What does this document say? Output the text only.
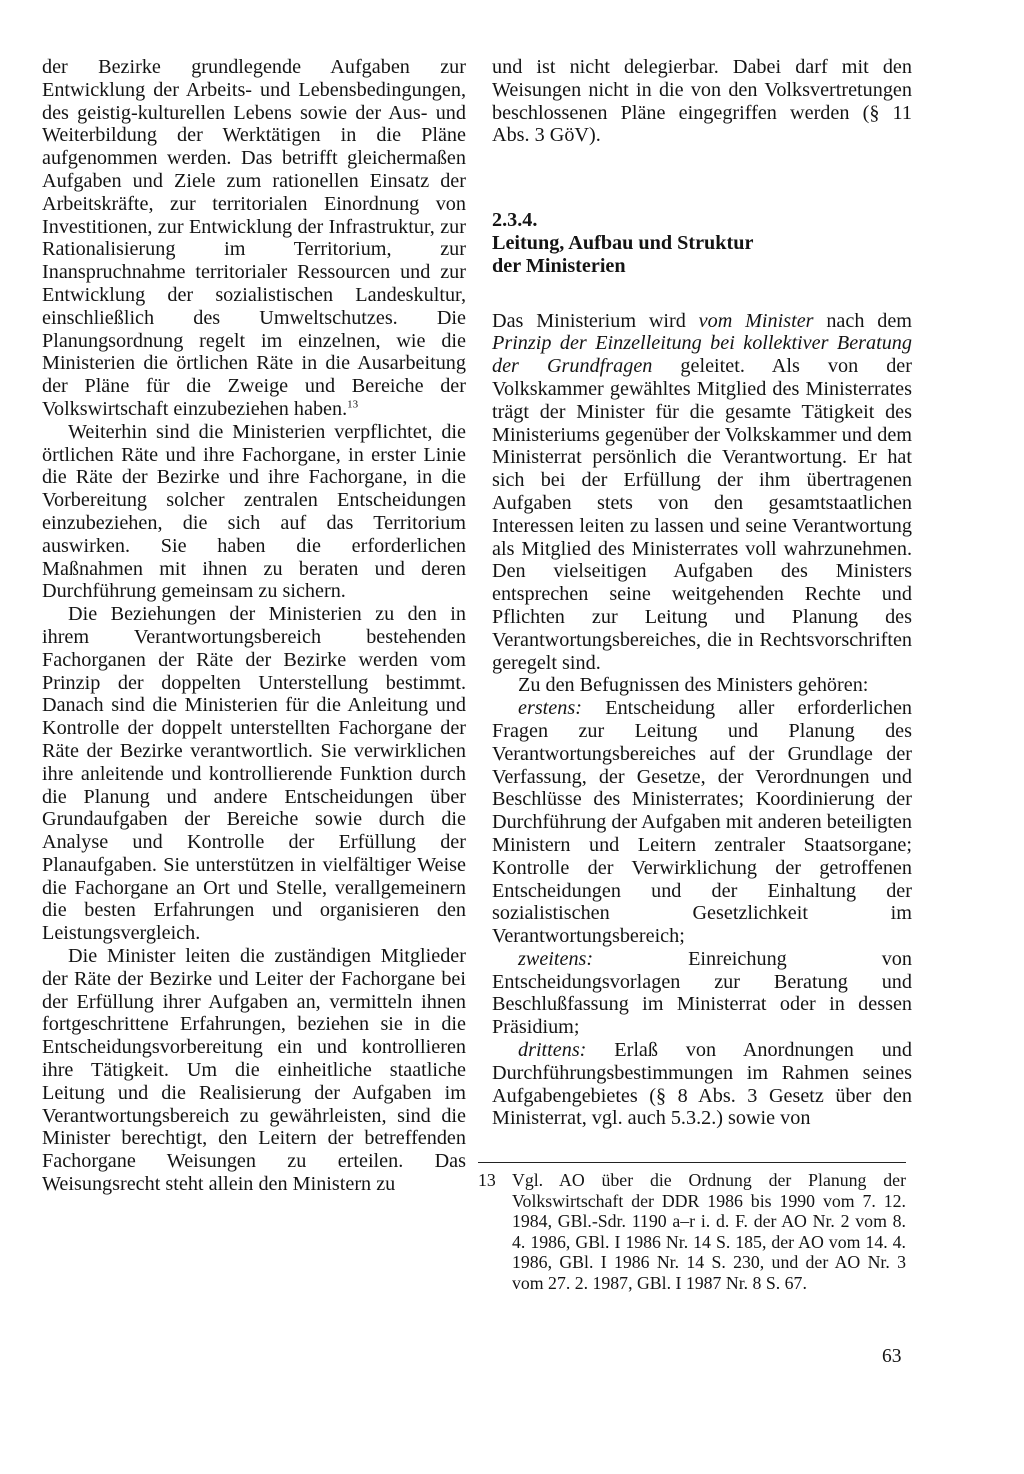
der Bezirke grundlegende Aufgaben zur Entwicklung der Arbeits- und Lebensbedingungen, des geistig-kulturellen Lebens sowie der Aus- und Weiterbildung der Werktätigen in die Pläne aufgenommen werden. Das betrifft gleichermaßen Aufgaben und Ziele zum rationellen Einsatz der Arbeitskräfte, zur territorialen Einordnung von Investitionen, zur Entwicklung der Infrastruktur, zur Rationalisierung im Territorium, zur Inanspruchnahme territorialer Ressourcen und zur Entwicklung der sozialistischen Landeskultur, einschließlich des Umweltschutzes. Die Planungsordnung regelt im einzelnen, wie die Ministerien die örtlichen Räte in die Ausarbeitung der Pläne für die Zweige und Bereiche der Volkswirtschaft einzubeziehen haben.$^{13}$

Weiterhin sind die Ministerien verpflichtet, die örtlichen Räte und ihre Fachorgane, in erster Linie die Räte der Bezirke und ihre Fachorgane, in die Vorbereitung solcher zentralen Entscheidungen einzubeziehen, die sich auf das Territorium auswirken. Sie haben die erforderlichen Maßnahmen mit ihnen zu beraten und deren Durchführung gemeinsam zu sichern.

Die Beziehungen der Ministerien zu den in ihrem Verantwortungsbereich bestehenden Fachorganen der Räte der Bezirke werden vom Prinzip der doppelten Unterstellung bestimmt. Danach sind die Ministerien für die Anleitung und Kontrolle der doppelt unterstellten Fachorgane der Räte der Bezirke verantwortlich. Sie verwirklichen ihre anleitende und kontrollierende Funktion durch die Planung und andere Entscheidungen über Grundaufgaben der Bereiche sowie durch die Analyse und Kontrolle der Erfüllung der Planaufgaben. Sie unterstützen in vielfältiger Weise die Fachorgane an Ort und Stelle, verallgemeinern die besten Erfahrungen und organisieren den Leistungsvergleich.

Die Minister leiten die zuständigen Mitglieder der Räte der Bezirke und Leiter der Fachorgane bei der Erfüllung ihrer Aufgaben an, vermitteln ihnen fortgeschrittene Erfahrungen, beziehen sie in die Entscheidungsvorbereitung ein und kontrollieren ihre Tätigkeit. Um die einheitliche staatliche Leitung und die Realisierung der Aufgaben im Verantwortungsbereich zu gewährleisten, sind die Minister berechtigt, den Leitern der betreffenden Fachorgane Weisungen zu erteilen. Das Weisungsrecht steht allein den Ministern zu

und ist nicht delegierbar. Dabei darf mit den Weisungen nicht in die von den Volksvertretungen beschlossenen Pläne eingegriffen werden (§ 11 Abs. 3 GöV).

2.3.4.
Leitung, Aufbau und Struktur
der Ministerien

Das Ministerium wird vom Minister nach dem Prinzip der Einzelleitung bei kollektiver Beratung der Grundfragen geleitet. Als von der Volkskammer gewähltes Mitglied des Ministerrates trägt der Minister für die gesamte Tätigkeit des Ministeriums gegenüber der Volkskammer und dem Ministerrat persönlich die Verantwortung. Er hat sich bei der Erfüllung der ihm übertragenen Aufgaben stets von den gesamtstaatlichen Interessen leiten zu lassen und seine Verantwortung als Mitglied des Ministerrates voll wahrzunehmen. Den vielseitigen Aufgaben des Ministers entsprechen seine weitgehenden Rechte und Pflichten zur Leitung und Planung des Verantwortungsbereiches, die in Rechtsvorschriften geregelt sind.

Zu den Befugnissen des Ministers gehören:

erstens: Entscheidung aller erforderlichen Fragen zur Leitung und Planung des Verantwortungsbereiches auf der Grundlage der Verfassung, der Gesetze, der Verordnungen und Beschlüsse des Ministerrates; Koordinierung der Durchführung der Aufgaben mit anderen beteiligten Ministern und Leitern zentraler Staatsorgane; Kontrolle der Verwirklichung der getroffenen Entscheidungen und der Einhaltung der sozialistischen Gesetzlichkeit im Verantwortungsbereich;

zweitens: Einreichung von Entscheidungsvorlagen zur Beratung und Beschlußfassung im Ministerrat oder in dessen Präsidium;

drittens: Erlaß von Anordnungen und Durchführungsbestimmungen im Rahmen seines Aufgabengebietes (§ 8 Abs. 3 Gesetz über den Ministerrat, vgl. auch 5.3.2.) sowie von

13 Vgl. AO über die Ordnung der Planung der Volkswirtschaft der DDR 1986 bis 1990 vom 7. 12. 1984, GBl.-Sdr. 1190 a–r i. d. F. der AO Nr. 2 vom 8. 4. 1986, GBl. I 1986 Nr. 14 S. 185, der AO vom 14. 4. 1986, GBl. I 1986 Nr. 14 S. 230, und der AO Nr. 3 vom 27. 2. 1987, GBl. I 1987 Nr. 8 S. 67.
63
